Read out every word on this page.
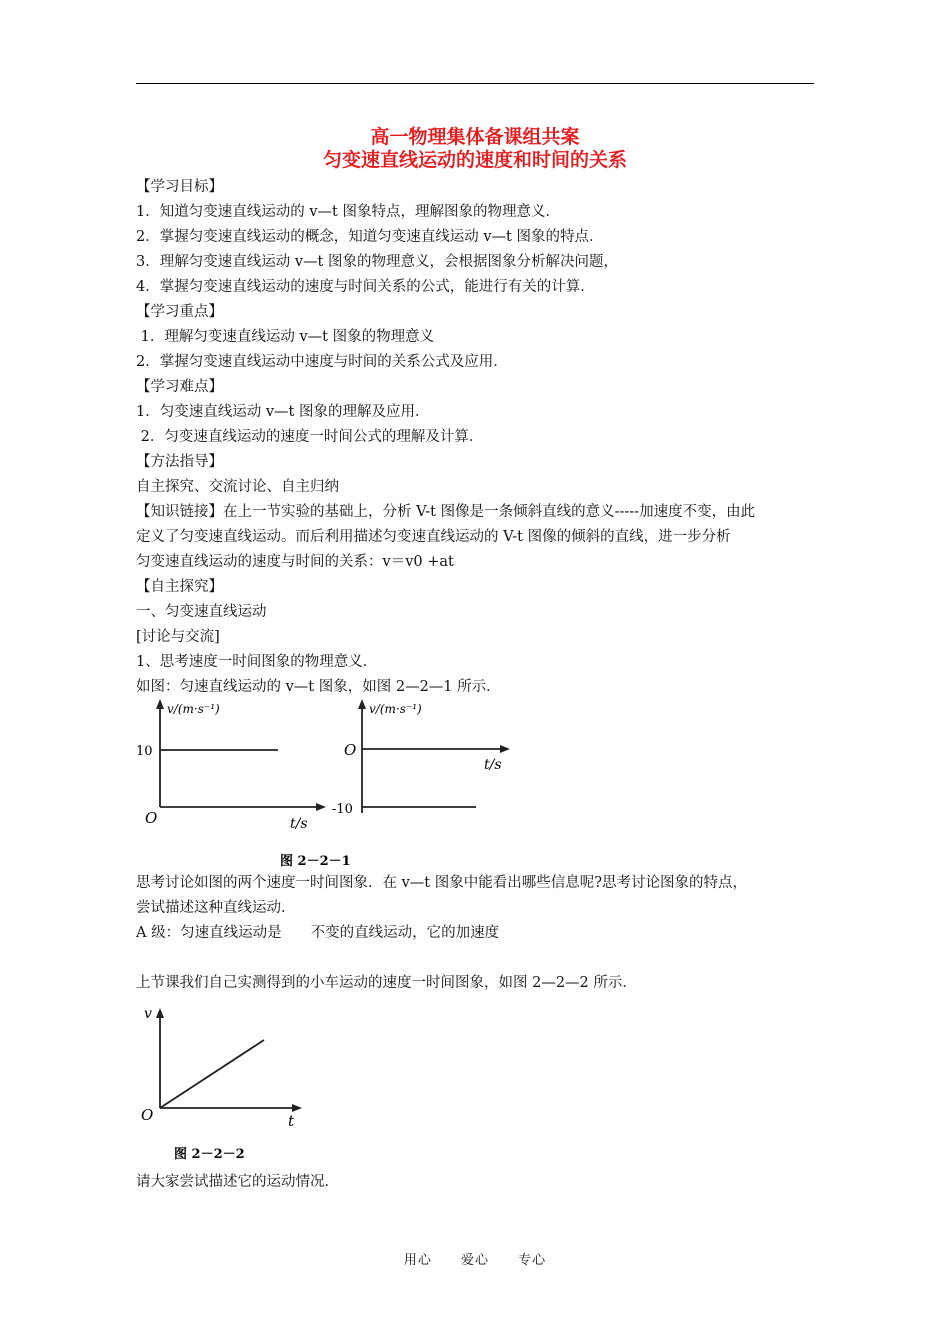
高一物理集体备课组共案
匀变速直线运动的速度和时间的关系
【学习目标】
1．知道匀变速直线运动的 v—t 图象特点，理解图象的物理意义．
2．掌握匀变速直线运动的概念，知道匀变速直线运动 v—t 图象的特点．
3．理解匀变速直线运动 v—t 图象的物理意义，会根据图象分析解决问题，
4．掌握匀变速直线运动的速度与时间关系的公式，能进行有关的计算．
【学习重点】
1．理解匀变速直线运动 v—t 图象的物理意义
2．掌握匀变速直线运动中速度与时间的关系公式及应用．
【学习难点】
1．匀变速直线运动 v—t 图象的理解及应用．
2．匀变速直线运动的速度一时间公式的理解及计算．
【方法指导】
自主探究、交流讨论、自主归纳
【知识链接】在上一节实验的基础上，分析 V-t 图像是一条倾斜直线的意义-----加速度不变，由此
定义了匀变速直线运动。而后利用描述匀变速直线运动的 V-t 图像的倾斜的直线，进一步分析
匀变速直线运动的速度与时间的关系：v＝v0 +at
【自主探究】
一、匀变速直线运动
[讨论与交流]
1、思考速度一时间图象的物理意义．
如图：匀速直线运动的 v—t 图象，如图 2—2—1 所示．
v/(m·s⁻¹)
10
O	t/s
v/(m·s⁻¹)
O
-10
t/s
图 2－2－1
思考讨论如图的两个速度一时间图象．在 v—t 图象中能看出哪些信息呢?思考讨论图象的特点，
尝试描述这种直线运动．
A 级：匀速直线运动是　　不变的直线运动，它的加速度
上节课我们自己实测得到的小车运动的速度一时间图象，如图 2—2—2 所示．
v
O	t
图 2－2－2
请大家尝试描述它的运动情况．
用心 爱心 专心
